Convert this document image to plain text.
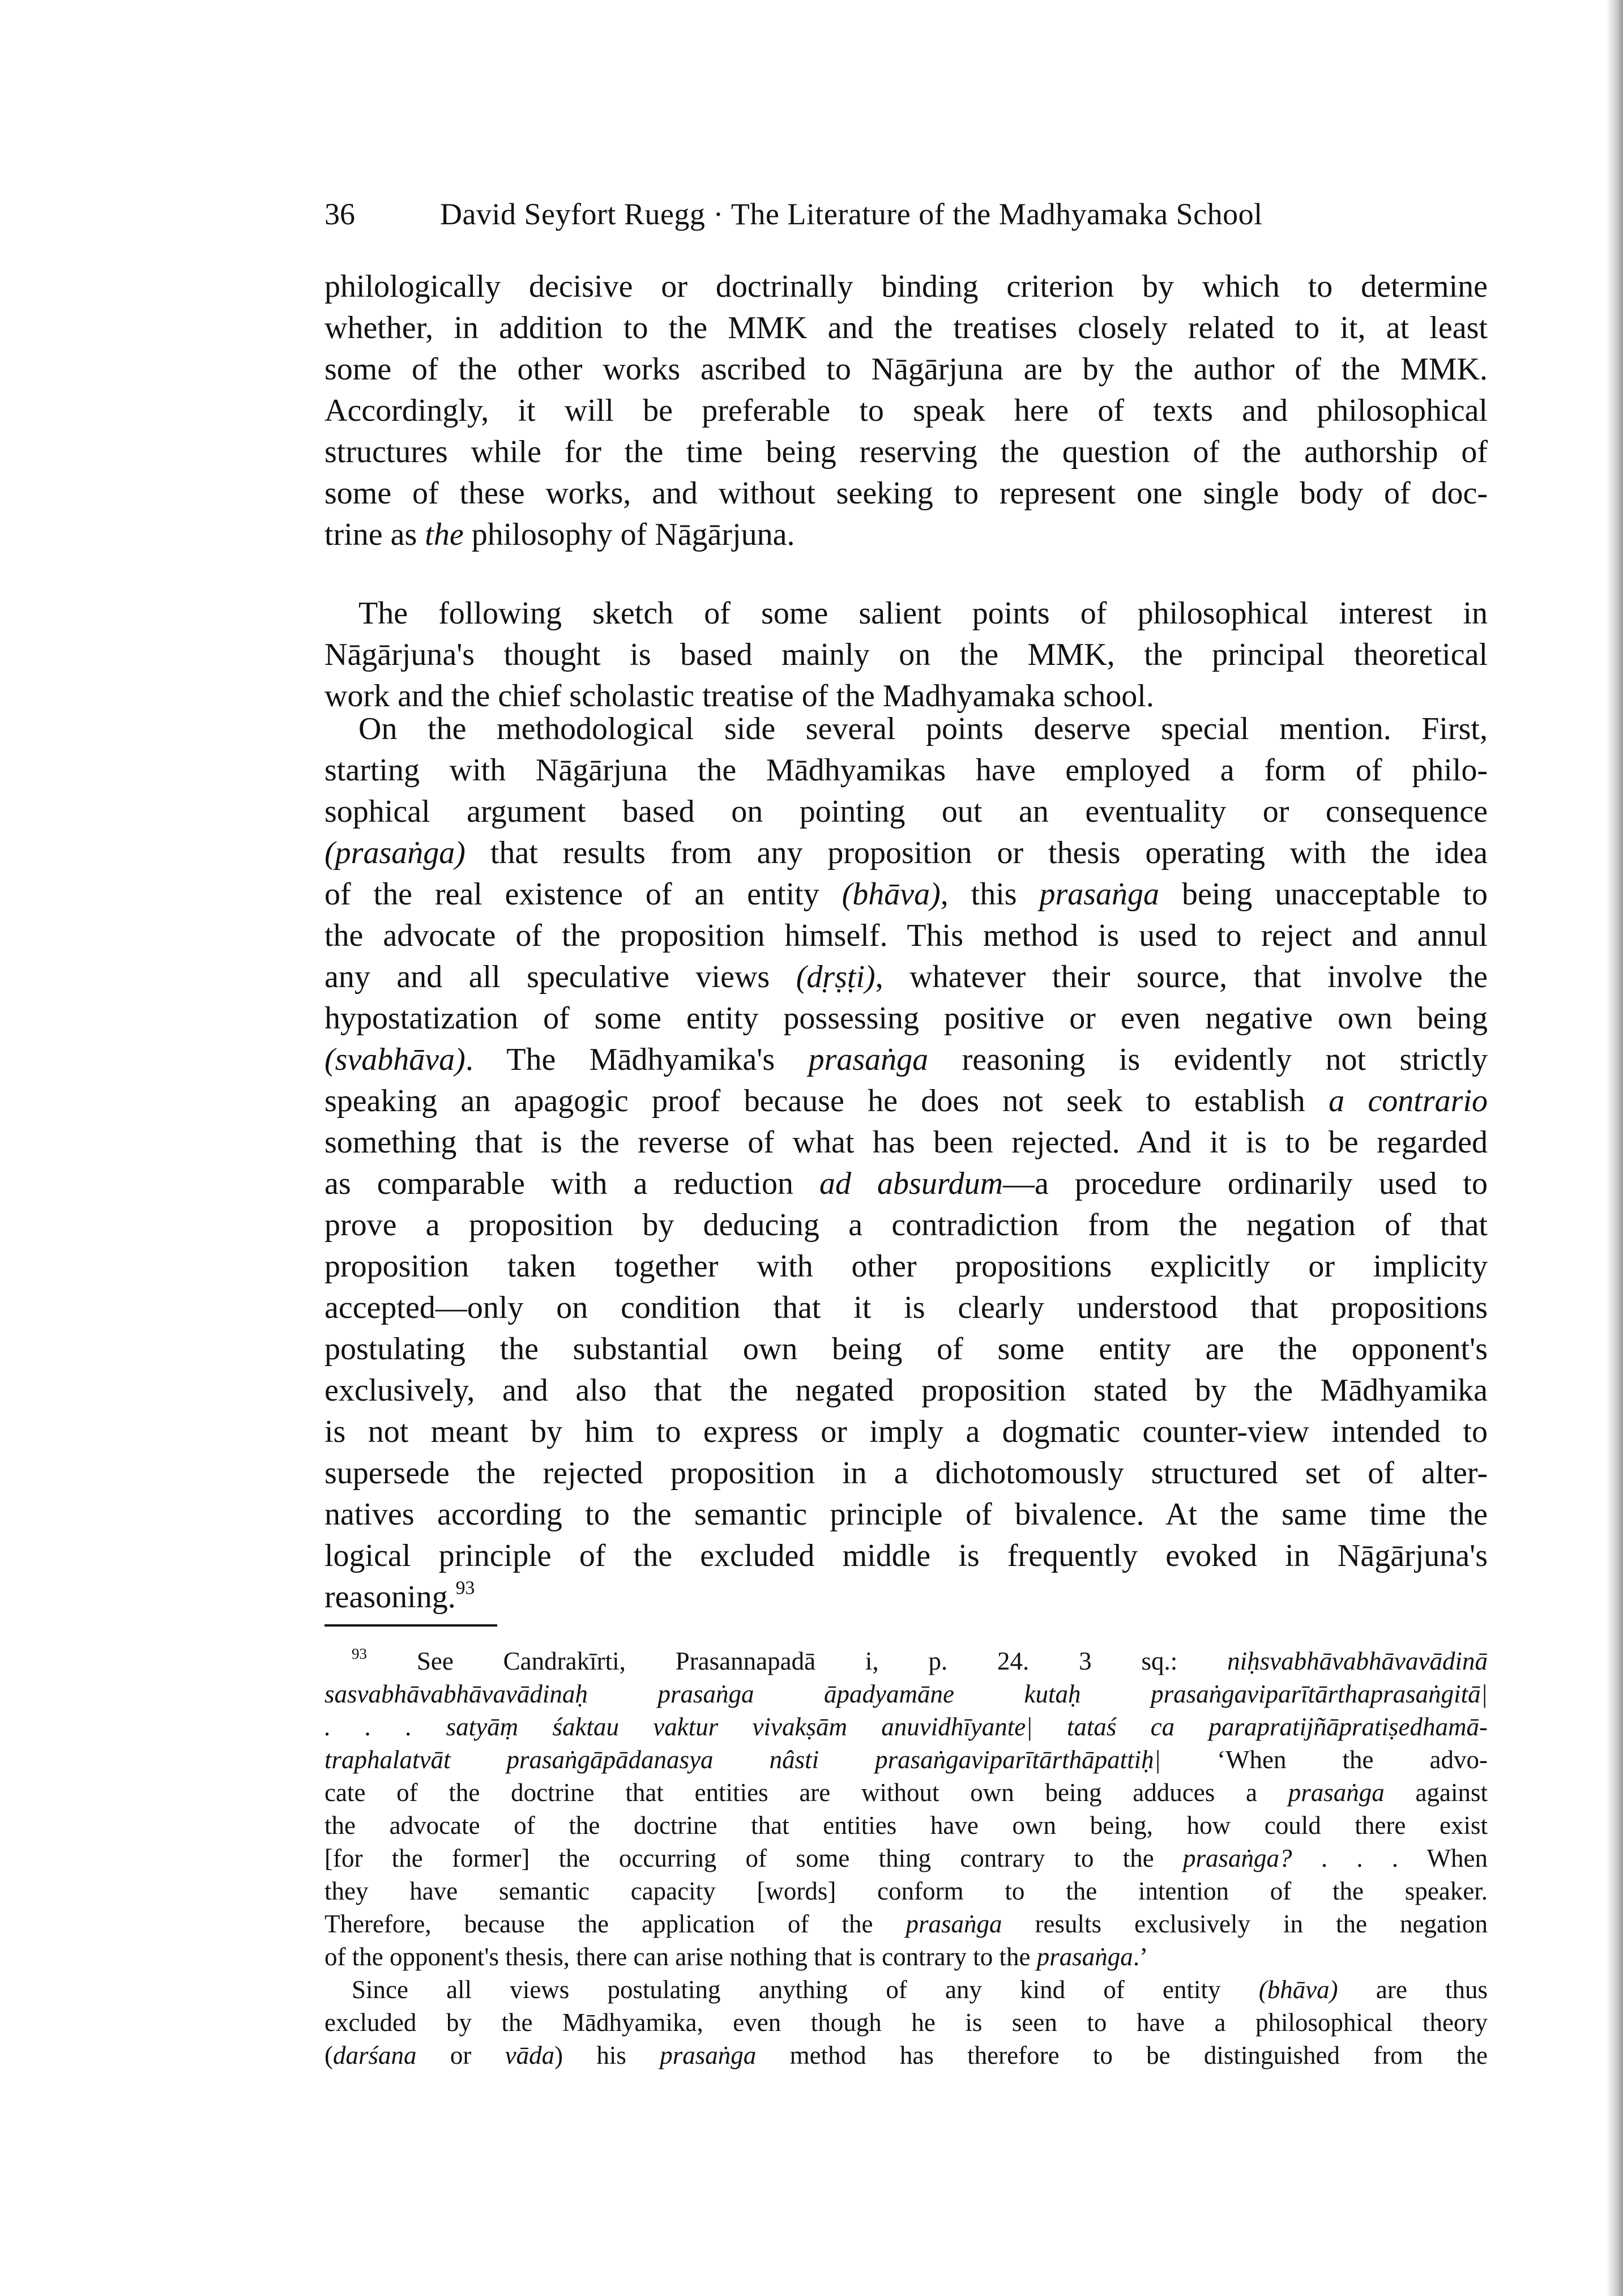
36	David Seyfort Ruegg · The Literature of the Madhyamaka School
philologically decisive or doctrinally binding criterion by which to determine
whether, in addition to the MMK and the treatises closely related to it, at least
some of the other works ascribed to Nāgārjuna are by the author of the MMK.
Accordingly, it will be preferable to speak here of texts and philosophical
structures while for the time being reserving the question of the authorship of
some of these works, and without seeking to represent one single body of doc-
trine as the philosophy of Nāgārjuna.
The following sketch of some salient points of philosophical interest in
Nāgārjuna's thought is based mainly on the MMK, the principal theoretical
work and the chief scholastic treatise of the Madhyamaka school.
On the methodological side several points deserve special mention. First,
starting with Nāgārjuna the Mādhyamikas have employed a form of philo-
sophical argument based on pointing out an eventuality or consequence
(prasaṅga) that results from any proposition or thesis operating with the idea
of the real existence of an entity (bhāva), this prasaṅga being unacceptable to
the advocate of the proposition himself. This method is used to reject and annul
any and all speculative views (dṛṣṭi), whatever their source, that involve the
hypostatization of some entity possessing positive or even negative own being
(svabhāva). The Mādhyamika's prasaṅga reasoning is evidently not strictly
speaking an apagogic proof because he does not seek to establish a contrario
something that is the reverse of what has been rejected. And it is to be regarded
as comparable with a reduction ad absurdum—a procedure ordinarily used to
prove a proposition by deducing a contradiction from the negation of that
proposition taken together with other propositions explicitly or implicity
accepted—only on condition that it is clearly understood that propositions
postulating the substantial own being of some entity are the opponent's
exclusively, and also that the negated proposition stated by the Mādhyamika
is not meant by him to express or imply a dogmatic counter-view intended to
supersede the rejected proposition in a dichotomously structured set of alter-
natives according to the semantic principle of bivalence. At the same time the
logical principle of the excluded middle is frequently evoked in Nāgārjuna's
reasoning.$^{93}$
$^{93}$ See Candrakīrti, Prasannapadā i, p. 24. 3 sq.: niḥsvabhāvabhāvavādinā
sasvabhāvabhāvavādinaḥ prasaṅga āpadyamāne kutaḥ prasaṅgaviparītārthaprasaṅgitā|
. . . satyāṃ śaktau vaktur vivakṣām anuvidhīyante| tataś ca parapratijñāpratiṣedhamā-
traphalatvāt prasaṅgāpādanasya nâsti prasaṅgaviparītārthāpattiḥ| ‘When the advo-
cate of the doctrine that entities are without own being adduces a prasaṅga against
the advocate of the doctrine that entities have own being, how could there exist
[for the former] the occurring of some thing contrary to the prasaṅga? . . . When
they have semantic capacity [words] conform to the intention of the speaker.
Therefore, because the application of the prasaṅga results exclusively in the negation
of the opponent's thesis, there can arise nothing that is contrary to the prasaṅga.’
Since all views postulating anything of any kind of entity (bhāva) are thus
excluded by the Mādhyamika, even though he is seen to have a philosophical theory
(darśana or vāda) his prasaṅga method has therefore to be distinguished from the
